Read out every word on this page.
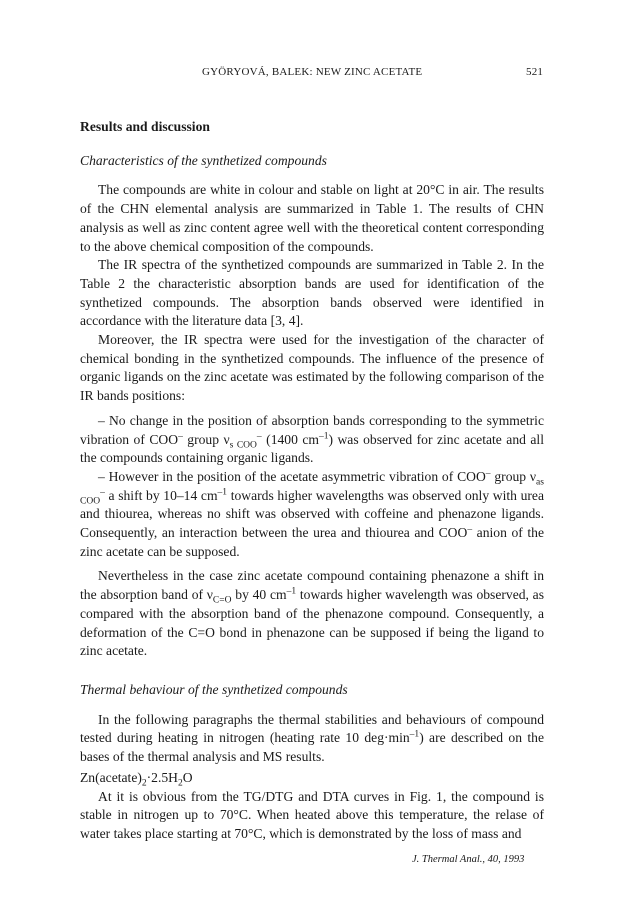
GYÖRYOVÁ, BALEK: NEW ZINC ACETATE	521
Results and discussion
Characteristics of the synthetized compounds

The compounds are white in colour and stable on light at 20°C in air. The results of the CHN elemental analysis are summarized in Table 1. The results of CHN analysis as well as zinc content agree well with the theoretical content corresponding to the above chemical composition of the compounds.

The IR spectra of the synthetized compounds are summarized in Table 2. In the Table 2 the characteristic absorption bands are used for identification of the synthetized compounds. The absorption bands observed were identified in accordance with the literature data [3, 4].

Moreover, the IR spectra were used for the investigation of the character of chemical bonding in the synthetized compounds. The influence of the presence of organic ligands on the zinc acetate was estimated by the following comparison of the IR bands positions:

– No change in the position of absorption bands corresponding to the symmetric vibration of COO– group $\nu_{s COO}^-$ (1400 $cm^{-1}$) was observed for zinc acetate and all the compounds containing organic ligands.

– However in the position of the acetate asymmetric vibration of COO– group $\nu_{as COO}^-$ a shift by 10–14 $cm^{-1}$ towards higher wavelengths was observed only with urea and thiourea, whereas no shift was observed with coffeine and phenazone ligands. Consequently, an interaction between the urea and thiourea and COO– anion of the zinc acetate can be supposed.

Nevertheless in the case zinc acetate compound containing phenazone a shift in the absorption band of $\nu_{C=O}$ by 40 $cm^{-1}$ towards higher wavelength was observed, as compared with the absorption band of the phenazone compound. Consequently, a deformation of the C=O bond in phenazone can be supposed if being the ligand to zinc acetate.

Thermal behaviour of the synthetized compounds

In the following paragraphs the thermal stabilities and behaviours of compound tested during heating in nitrogen (heating rate 10 $deg\cdot\min^{-1}$) are described on the bases of the thermal analysis and MS results.

$Zn(acetate)_2\cdot 2.5H_2O$

At it is obvious from the TG/DTG and DTA curves in Fig. 1, the compound is stable in nitrogen up to 70°C. When heated above this temperature, the relase of water takes place starting at 70°C, which is demonstrated by the loss of mass and

J. Thermal Anal., 40, 1993
